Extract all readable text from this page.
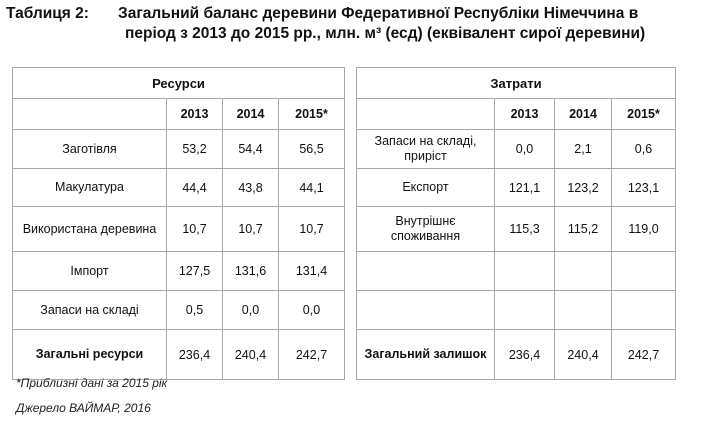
Таблиця 2:	Загальний баланс деревини Федеративної Республіки Німеччина в
період з 2013 до 2015 рр., млн. м³ (есд) (еквівалент сирої деревини)
Ресурси					Затрати			
	2013	2014	2015*			2013	2014	2015*
Заготівля	53,2	54,4	56,5		Запаси на складі, приріст	0,0	2,1	0,6
Макулатура	44,4	43,8	44,1		Експорт	121,1	123,2	123,1
Використана деревина	10,7	10,7	10,7		Внутрішнє споживання	115,3	115,2	119,0
Імпорт	127,5	131,6	131,4					
Запаси на складі	0,5	0,0	0,0					
Загальні ресурси	236,4	240,4	242,7		Загальний залишок	236,4	240,4	242,7
*Приблизні дані за 2015 рік
Джерело ВАЙМАР, 2016
